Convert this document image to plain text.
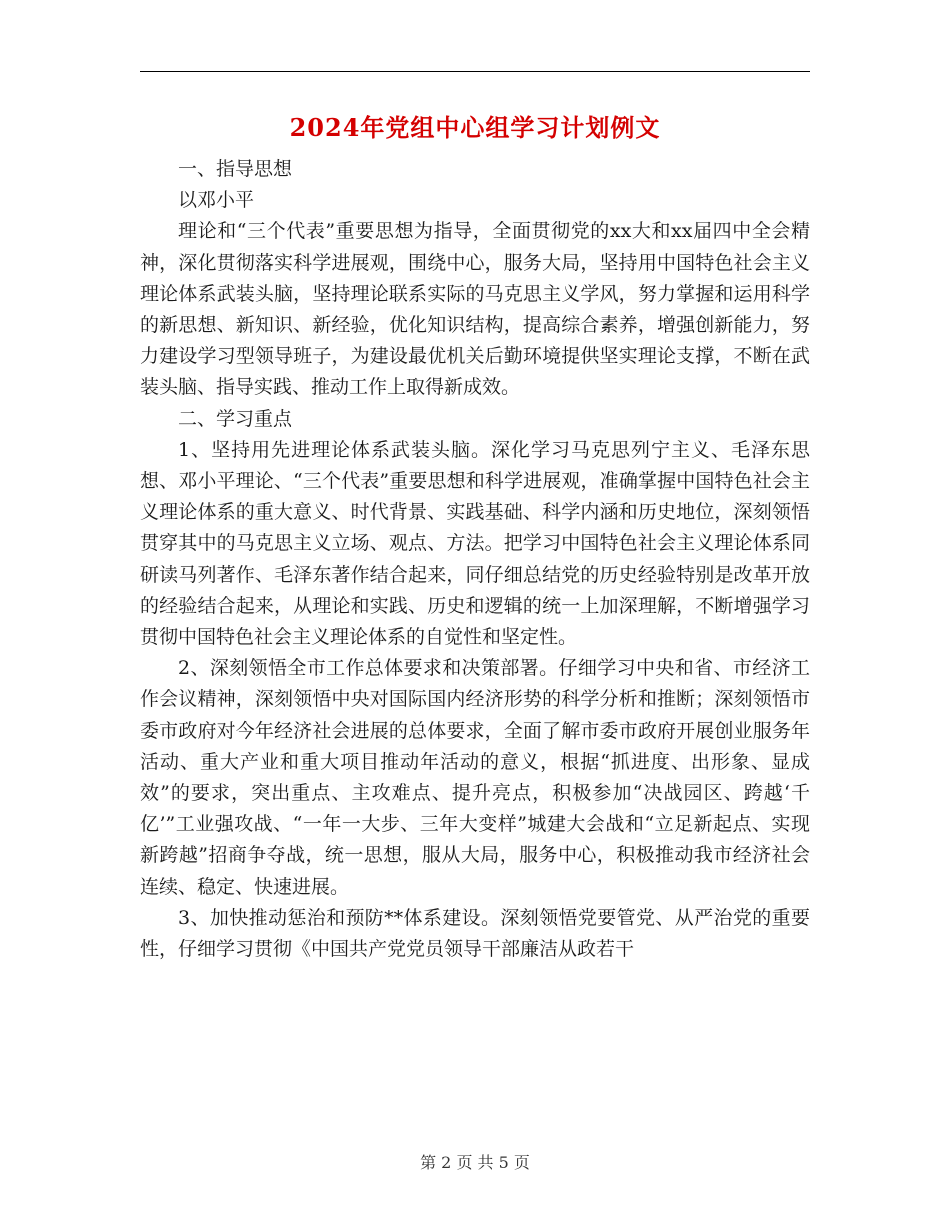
2024年党组中心组学习计划例文

一、指导思想

以邓小平

理论和“三个代表”重要思想为指导，全面贯彻党的xx大和xx届四中全会精神，深化贯彻落实科学进展观，围绕中心，服务大局，坚持用中国特色社会主义理论体系武装头脑，坚持理论联系实际的马克思主义学风，努力掌握和运用科学的新思想、新知识、新经验，优化知识结构，提高综合素养，增强创新能力，努力建设学习型领导班子，为建设最优机关后勤环境提供坚实理论支撑，不断在武装头脑、指导实践、推动工作上取得新成效。

二、学习重点

1、坚持用先进理论体系武装头脑。深化学习马克思列宁主义、毛泽东思想、邓小平理论、“三个代表”重要思想和科学进展观，准确掌握中国特色社会主义理论体系的重大意义、时代背景、实践基础、科学内涵和历史地位，深刻领悟贯穿其中的马克思主义立场、观点、方法。把学习中国特色社会主义理论体系同研读马列著作、毛泽东著作结合起来，同仔细总结党的历史经验特别是改革开放的经验结合起来，从理论和实践、历史和逻辑的统一上加深理解，不断增强学习贯彻中国特色社会主义理论体系的自觉性和坚定性。

2、深刻领悟全市工作总体要求和决策部署。仔细学习中央和省、市经济工作会议精神，深刻领悟中央对国际国内经济形势的科学分析和推断；深刻领悟市委市政府对今年经济社会进展的总体要求，全面了解市委市政府开展创业服务年活动、重大产业和重大项目推动年活动的意义，根据“抓进度、出形象、显成效”的要求，突出重点、主攻难点、提升亮点，积极参加“决战园区、跨越‘千亿’”工业强攻战、“一年一大步、三年大变样”城建大会战和“立足新起点、实现新跨越”招商争夺战，统一思想，服从大局，服务中心，积极推动我市经济社会连续、稳定、快速进展。

3、加快推动惩治和预防**体系建设。深刻领悟党要管党、从严治党的重要性，仔细学习贯彻《中国共产党党员领导干部廉洁从政若干

第 2 页 共 5 页
